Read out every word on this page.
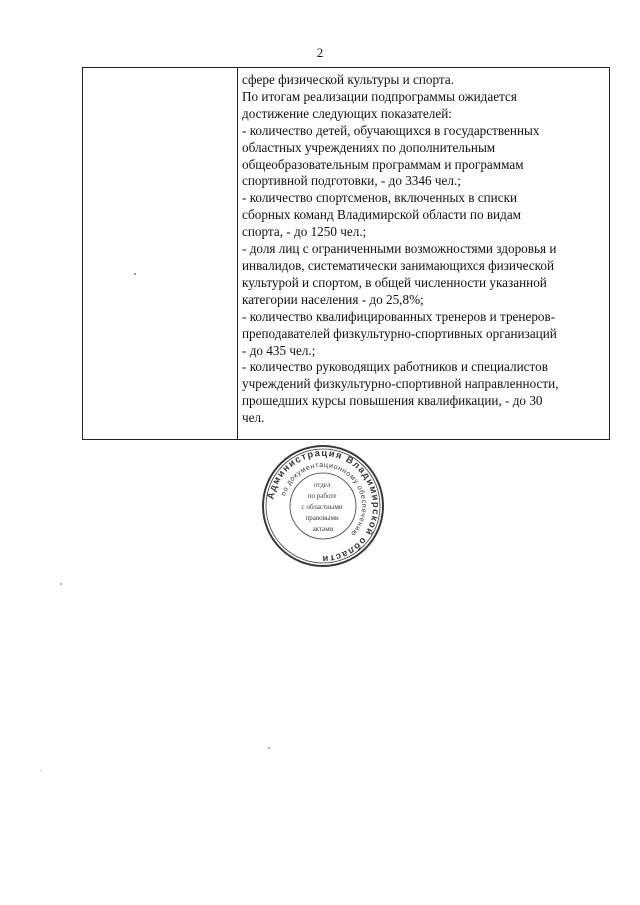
2
сфере физической культуры и спорта.
По итогам реализации подпрограммы ожидается
достижение следующих показателей:
- количество детей, обучающихся в государственных
областных учреждениях по дополнительным
общеобразовательным программам и программам
спортивной подготовки, - до 3346 чел.;
- количество спортсменов, включенных в списки
сборных команд Владимирской области по видам
спорта, - до 1250 чел.;
- доля лиц с ограниченными возможностями здоровья и
инвалидов, систематически занимающихся физической
культурой и спортом, в общей численности указанной
категории населения - до 25,8%;
- количество квалифицированных тренеров и тренеров-
преподавателей физкультурно-спортивных организаций
- до 435 чел.;
- количество руководящих работников и специалистов
учреждений физкультурно-спортивной направленности,
прошедших курсы повышения квалификации, - до 30
чел.
Администрация Владимирской области
по документационному обеспечению
отдел по работе с областными правовыми актами
